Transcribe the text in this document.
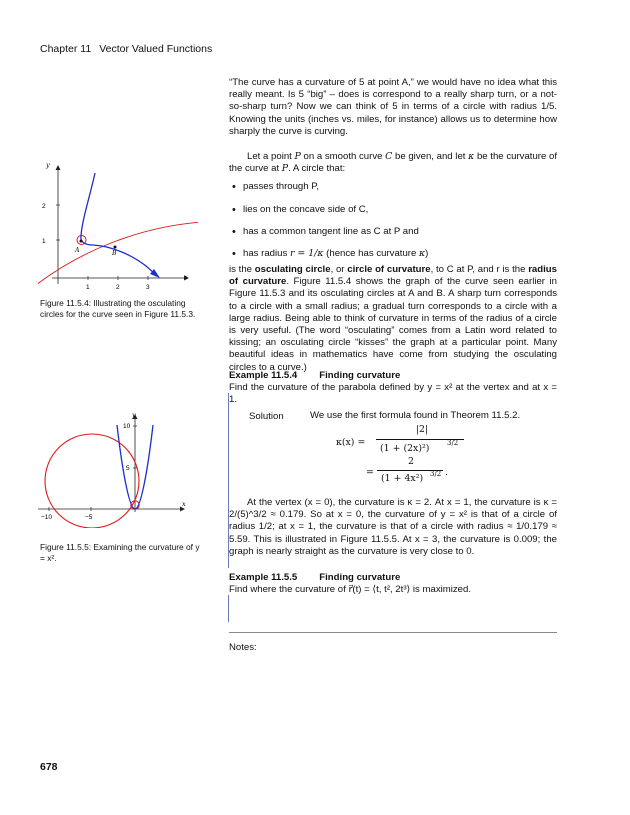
Chapter 11 Vector Valued Functions

“The curve has a curvature of 5 at point A,” we would have no idea what this really meant. Is 5 “big” – does is correspond to a really sharp turn, or a not-so-sharp turn? Now we can think of 5 in terms of a circle with radius 1/5. Knowing the units (inches vs. miles, for instance) allows us to determine how sharply the curve is curving.

Let a point P on a smooth curve C be given, and let κ be the curvature of the curve at P. A circle that:

• passes through P,
• lies on the concave side of C,
• has a common tangent line as C at P and
• has radius r = 1/κ (hence has curvature κ)

is the osculating circle, or circle of curvature, to C at P, and r is the radius of curvature. Figure 11.5.4 shows the graph of the curve seen earlier in Figure 11.5.3 and its osculating circles at A and B. A sharp turn corresponds to a circle with a small radius; a gradual turn corresponds to a circle with a large radius. Being able to think of curvature in terms of the radius of a circle is very useful. (The word “osculating” comes from a Latin word related to kissing; an osculating circle “kisses” the graph at a particular point. Many beautiful ideas in mathematics have come from studying the osculating circles to a curve.)

Example 11.5.4 Finding curvature
Find the curvature of the parabola defined by y = x² at the vertex and at x = 1.
Solution	We use the first formula found in Theorem 11.5.2.
κ(x) =
|2|
(1 + (2x)²)	3/2
=
2
(1 + 4x²) 3/2 .

At the vertex (x = 0), the curvature is κ = 2. At x = 1, the curvature is κ = 2/(5)^3/2 ≈ 0.179. So at x = 0, the curvature of y = x² is that of a circle of radius 1/2; at x = 1, the curvature is that of a circle with radius ≈ 1/0.179 ≈ 5.59. This is illustrated in Figure 11.5.5. At x = 3, the curvature is 0.009; the graph is nearly straight as the curvature is very close to 0.

Example 11.5.5 Finding curvature
Find where the curvature of r⃗(t) = ⟨t, t², 2t³⟩ is maximized.
Notes:
678
y
x
1	2	3
1
2
A	B
Figure 11.5.4: Illustrating the osculating circles for the curve seen in Figure 11.5.3.
y
x
−10	−5
5
10
Figure 11.5.5: Examining the curvature of y = x².
